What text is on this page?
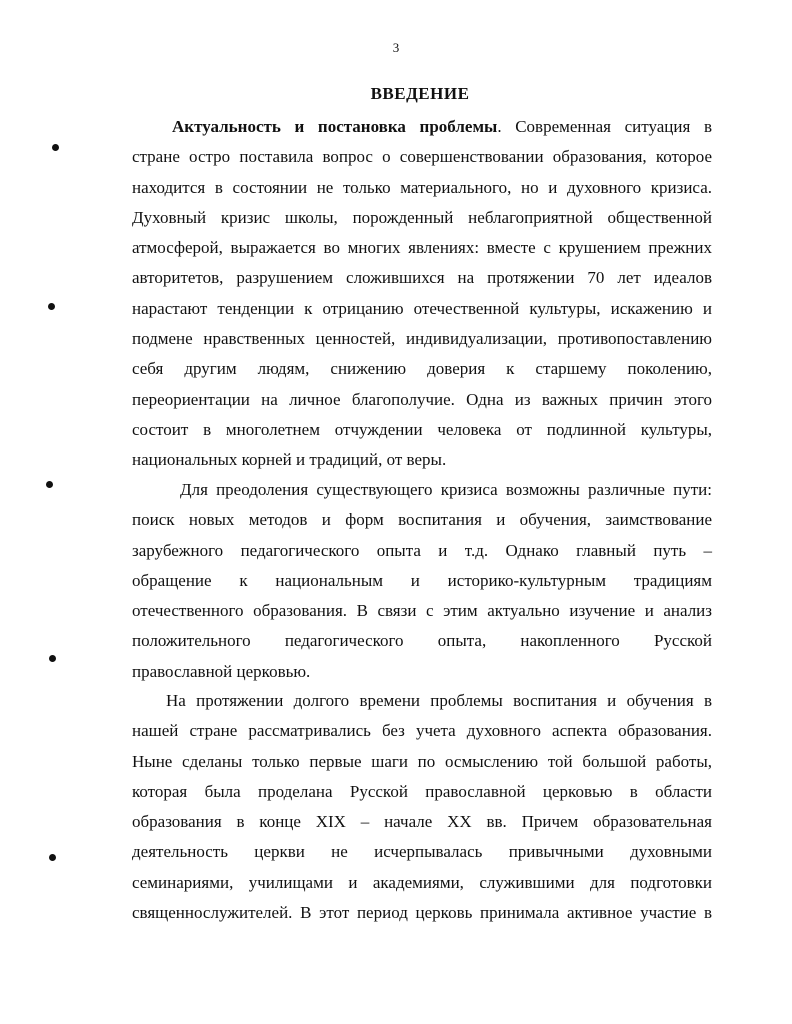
3
ВВЕДЕНИЕ
Актуальность и постановка проблемы. Современная ситуация в
стране остро поставила вопрос о совершенствовании образования, которое
находится в состоянии не только материального, но и духовного кризиса.
Духовный кризис школы, порожденный неблагоприятной общественной
атмосферой, выражается во многих явлениях: вместе с крушением прежних
авторитетов, разрушением сложившихся на протяжении 70 лет идеалов
нарастают тенденции к отрицанию отечественной культуры, искажению и
подмене нравственных ценностей, индивидуализации, противопоставлению
себя другим людям, снижению доверия к старшему поколению,
переориентации на личное благополучие. Одна из важных причин этого
состоит в многолетнем отчуждении человека от подлинной культуры,
национальных корней и традиций, от веры.
Для преодоления существующего кризиса возможны различные пути:
поиск новых методов и форм воспитания и обучения, заимствование
зарубежного педагогического опыта и т.д. Однако главный путь –
обращение к национальным и историко-культурным традициям
отечественного образования. В связи с этим актуально изучение и анализ
положительного педагогического опыта, накопленного Русской
православной церковью.
На протяжении долгого времени проблемы воспитания и обучения в
нашей стране рассматривались без учета духовного аспекта образования.
Ныне сделаны только первые шаги по осмыслению той большой работы,
которая была проделана Русской православной церковью в области
образования в конце XIX – начале XX вв. Причем образовательная
деятельность церкви не исчерпывалась привычными духовными
семинариями, училищами и академиями, служившими для подготовки
священнослужителей. В этот период церковь принимала активное участие в
